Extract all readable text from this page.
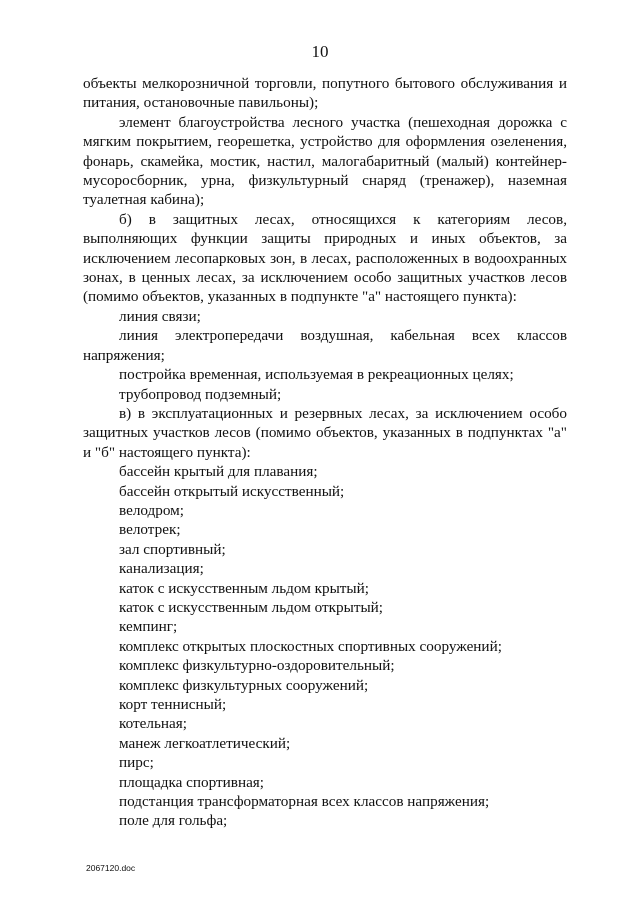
10

объекты мелкорозничной торговли, попутного бытового обслуживания и питания, остановочные павильоны);

элемент благоустройства лесного участка (пешеходная дорожка с мягким покрытием, георешетка, устройство для оформления озеленения, фонарь, скамейка, мостик, настил, малогабаритный (малый) контейнер-мусоросборник, урна, физкультурный снаряд (тренажер), наземная туалетная кабина);

б) в защитных лесах, относящихся к категориям лесов, выполняющих функции защиты природных и иных объектов, за исключением лесопарковых зон, в лесах, расположенных в водоохранных зонах, в ценных лесах, за исключением особо защитных участков лесов (помимо объектов, указанных в подпункте "а" настоящего пункта):

линия связи;

линия электропередачи воздушная, кабельная всех классов напряжения;

постройка временная, используемая в рекреационных целях;

трубопровод подземный;

в) в эксплуатационных и резервных лесах, за исключением особо защитных участков лесов (помимо объектов, указанных в подпунктах "а" и "б" настоящего пункта):

бассейн крытый для плавания;

бассейн открытый искусственный;

велодром;

велотрек;

зал спортивный;

канализация;

каток с искусственным льдом крытый;

каток с искусственным льдом открытый;

кемпинг;

комплекс открытых плоскостных спортивных сооружений;

комплекс физкультурно-оздоровительный;

комплекс физкультурных сооружений;

корт теннисный;

котельная;

манеж легкоатлетический;

пирс;

площадка спортивная;

подстанция трансформаторная всех классов напряжения;

поле для гольфа;

2067120.doc
